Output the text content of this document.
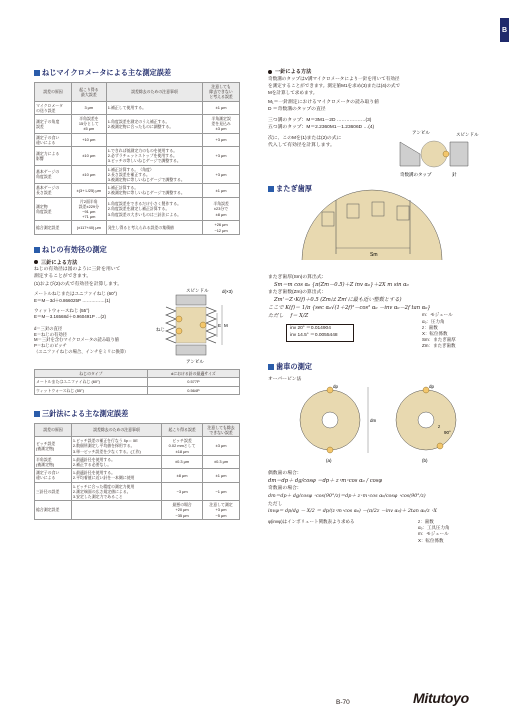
B
ねじマイクロメータによる主な測定誤差
誤差の原因	起こり得る
最大誤差	誤差除去のための注意事項	注意しても
除去できない
と考える誤差
マイクロメータ
の送り誤差	3 μm	1.補正して使用する。	±1 μm
測定子の角度
誤差	半角誤差を
15分として
±5 μm	1.角度誤差を測定のうえ補正する。
2.被測定物に合ったものに調整する。	半角測定誤
差を見込み
±3 μm
測定子の食い
違いによる	+10 μm		+3 μm
測定力による
影響	±10 μm	1.できれば低測定力のものを使用する。
2.必ずラチェットストップを使用する。
3.ピッチの等しいねじゲージで調整する。	+3 μm
基本ゲージの
角度誤差	±10 μm	1.補正計算する。（角度）
2.長さ誤差を補正する。
3.被測定物に等しいねじゲージで調整する。	+3 μm
基本ゲージの
長さ誤差	±(3+ L/25) μm	1.補正計算する。
2.被測定物に等しいねじゲージで調整する。	±1 μm
測定物
角度誤差	片2面半角
誤差±229分
−91 μm
+71 μm	1.角度誤差をできるだけ小さく製作する。
2.角度誤差を測定し補正計算する。
3.角度誤差の大きいものは三針法による。	半角誤差
±23分で
±8 μm
総合測定誤差	(±117+40) μm	発生し得ると考えられる誤差の集積値	+26 μm
−12 μm
ねじの有効径の測定
三針による方法
ねじの有効径は図のように三針を用いて
測定することができます。
(1)および(2)の式で有効径を計算します。
メートルねじまたはユニファイねじ (60°)
E＝M－3d＋0.866025P ……………(1)
ウィットウォースねじ (55°)
E＝M－3.16568d＋0.960491P …(2)
d＝三針の直径
E＝ねじの有効径
M＝三針を含むマイクロメータの読み取り値
P＝ねじのピッチ
（ユニファイねじの場合、インチをミリに換算）
スピンドル	d(×3)
ねじ
アンビル
E M
ねじのタイプ	dにおける針の最適サイズ
メートルまたはユニファイねじ (60°)	0.577P
ウィットウォースねじ (55°)	0.564P
三針法による主な測定誤差
誤差の原因	誤差除去のための注意事項	起こり得る誤差	注意しても除去
できない誤差
ピッチ誤差
(被測定物)	1.ピッチ誤差の補正を行なう δp＝ δE
2.数個所測定し平均値を採用する。
3.単一ピッチ誤差を少なくする。(工作)	ピッチ誤差
0.02 mmとして
±18 μm	±3 μm
半角誤差
(被測定物)	1.最適針径を使用する。
2.補正する必要なし。	±0.3 μm	±0.3 μm
測定子の食い
違いによる	1.最適針径を使用する。
2.平均着值に近い針を一本側に使用	±8 μm	±1 μm
三針径の誤差	1.ピッチに合った精度の測定力使用
2.測定端面の広さ規定値による。
3.安定した測定力であること	−3 μm	−1 μm
総合測定誤差		最悪の場合
+20 μm
−35 μm	注意して測定
+3 μm
−5 μm
一針による方法
奇数溝のタップはV溝マイクロメータにより一針を用いて有効径
を測定することができます。測定値M1を求め(3)または(4)の式で
Mを計算して求めます。
M₁＝一針測定におけるマイクロメータの読み取り値
D ＝奇数溝のタップの直径
三つ溝のタップ：M＝3M1－2D ………………(3)
五つ溝のタップ：M＝2.2360M1－1.23606D …(4)
次に、このMを(1)または(2)の式に
代入して有効径を計算します。
アンビル	スピンドル
奇数溝のタップ	針
またぎ歯厚
Sm
またぎ歯厚(Sm)の算出式：
Sm＝m cos α₀ {π(Zm－0.5)＋Z inv α₀}＋2X m sin α₀
またぎ歯数(Zm)の算出式：
Zm'＝Z･K(f)＋0.5 (Zmは Zm'に最も近い整数とする)
ここで K(f)＝ 1/π {sec α₀√(1＋2f)²－cos² α₀ －inv α₀－2f tan α₀}
ただし　 f＝ X/Z
inv 20° ＝0.014904
inv 14.5° ＝0.0055448
m：モジュール
α₀：圧力角
z：歯数
X：転位係数
Sm：またぎ歯厚
Zm：またぎ歯数
歯車の測定
オーバーピン法
dm
dp
(a)
dp
90°
z
(b)
偶数歯の場合：
dm＝dp＋ dg/cosφ ＝dp＋ z･m･cos α₀ / cosφ
奇数歯の場合：
dm＝dp＋ dg/cosφ ･cos(90°/z)＝dp＋ z･m･cos α₀/cosφ ･cos(90°/z)
ただし
invφ＝ dp/dg － X/2 ＝ dp/(z･m･cos α₀) －(π/2z －inv α₀)＋ 2tan α₀/z ･X
φ(invφ)はインボリュート関数表より求める	z：歯数
α₀：工具圧力角
m：モジュール
X：転位係数
B-70	Mitutoyo
